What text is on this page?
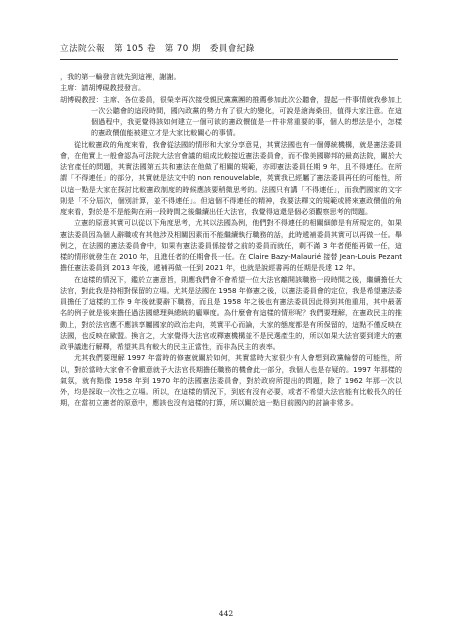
立法院公報　第 105 卷　第 70 期　委員會紀錄

，我的第一輪發言就先到這裡，謝謝。

主席：請胡博硯教授發言。

胡博硯教授：主席、各位委員，很榮幸再次接受親民黨黨團的推薦參加此次公聽會，提起一件事情就我參加上一次公聽會的這段時間，國內政黨的勢力有了很大的變化，可說是滄海桑田，值得大家注意。在這個過程中，我更覺得該如何建立一個可欲的憲政價值是一件非常重要的事，個人的想法是小，怎樣的憲政價值能被建立才是大家比較關心的事情。

從比較憲政的角度來看，我會從法國的情形和大家分享意見，其實法國也有一個傳統機構，就是憲法委員會，在他實上一般會認為可法院大法官會議的組成比較接近憲法委員會，而不像美國聯邦的最高法院，關於大法官產任的問題，其實法國第五共和憲法在他做了相關的規範，亦即憲法委員任期 9 年，且不得連任。在所謂「不得連任」的部分，其實就是法文中的 non renouvelable，英實我已經屬了憲法委員再任的可能性，所以這一點是大家在探討比較憲政制度的時候應該要稍微思考的。法國只有講「不得連任」，而我們國家的文字則是「不分屆次，個別計算，並不得連任」。但這個不得連任的精神，我要法釋文的規範或將來憲政價值的角度來看，對於是不是能夠在兩一段時間之後繼續出任大法官，我覺得這還是個必須觀察思考的問題。

立憲的原意其實可以從以下角度思考，尤其以法國為例，他們對不得連任的相關細節是有所規定的，如果憲法委員因為個人辭職或有其他涉及相關因素而不能繼續執行職務的話，此時遞補委員其實可以再做一任。舉例之，在法國的憲法委員會中，如果有憲法委員係接替之前的委員而就任，剩不滿 3 年者便能再做一任，這樣的情形就發生在 2010 年，且進任者的任期會長一任。在 Claire Bazy-Malaurié 接替 Jean-Louis Pezant 擔任憲法委員到 2013 年後，遞補再做一任到 2021 年，也就是說經書再的任期是長達 12 年。

在這樣的情況下，鑑於立憲意旨，則應我們會不會希望一位大法官離開該職務一段時間之後，繼續擔任大法官，對此我是持相對保留的立場。尤其是法國在 1958 年修憲之後，以憲法委員會的定位，我是希望憲法委員擔任了這樣的工作 9 年後就要辭下職務，而且是 1958 年之後也有憲法委員因此得到其他重用，其中最著名的例子就是後來擔任過法國總理與總統的龐畢度。為什麼會有這樣的情形呢？我們要理解，在憲政民主的推動上，對於法官應不應該享屬國家的政治走向，英實平心而論，大家的態度都是有所保留的，這點不僅反映在法國，也反映在歐盟。換言之，大家覺得大法官或釋憲機構並不是民選產生的，所以如果大法官要到達大的憲政爭議進行解釋，希望其具有較大的民主正當性，而非為民主的表率。

尤其我們要理解 1997 年當時的修憲就關於如何，其實當時大家很少有人會想到政黨輪替的可能性，所以，對於當時大家會不會願意就予大法官長期擔任職務的機會此一部分，我個人也是存疑的。1997 年那樣的氣氛，就有點像 1958 年到 1970 年的法國憲法委員會，對於政府所提出的問題，除了 1962 年那一次以外，均是採取一次性之立場。所以，在這樣的情況下，到底有沒有必要，或者不希望大法官能有比較長久的任期，在當初立憲者的原意中，應該也沒有這樣的打算，所以關於這一點目前國內的討論非常多。

442
